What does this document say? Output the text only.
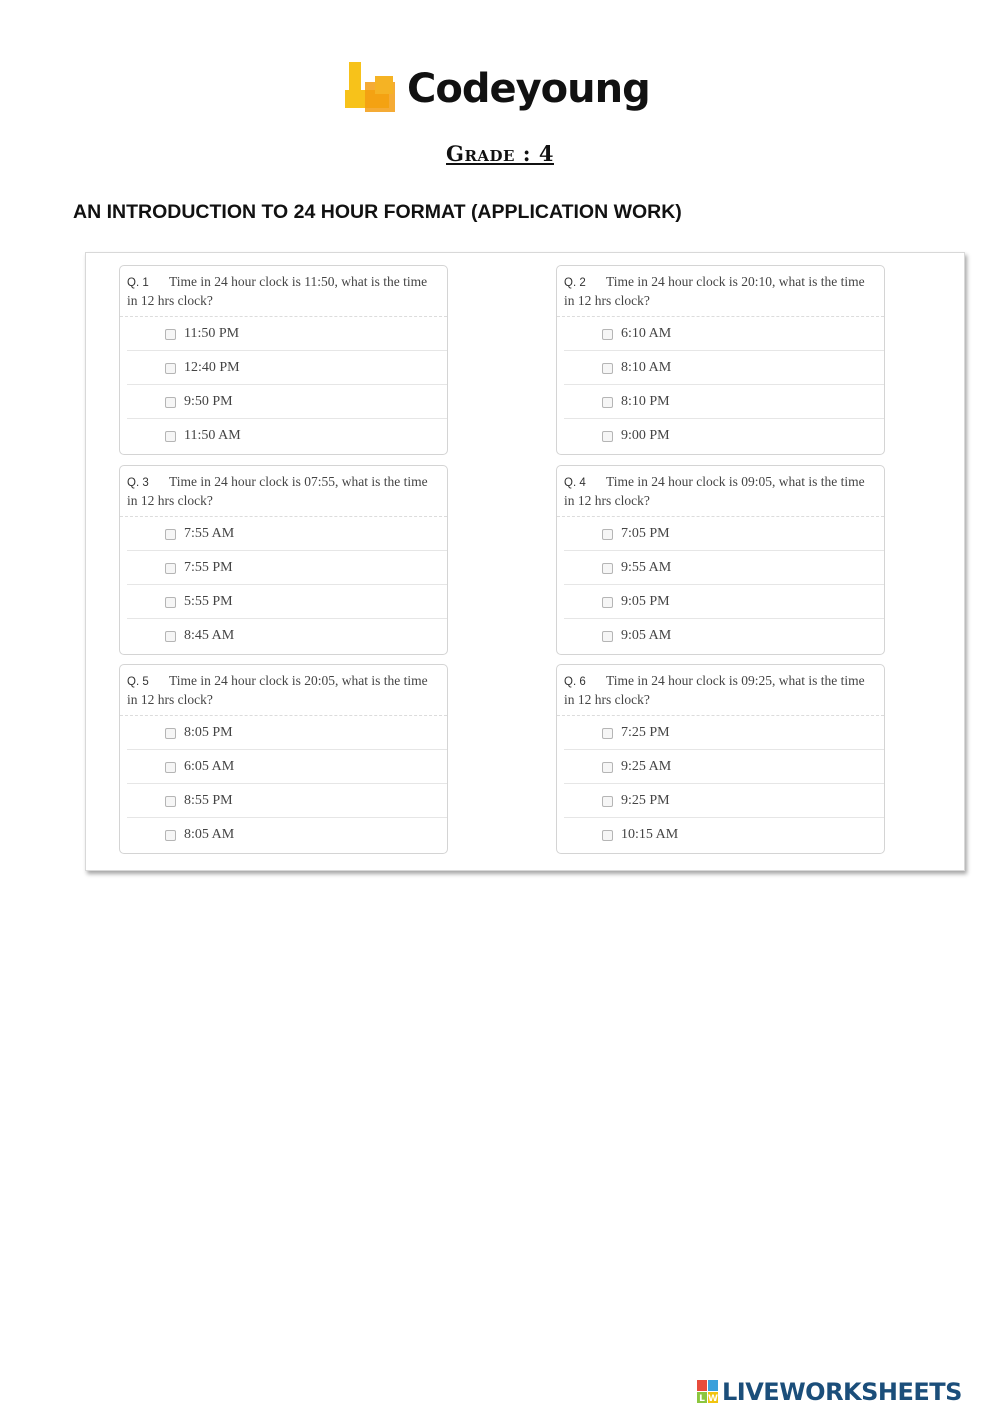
Codeyoung
Grade : 4
AN INTRODUCTION TO 24 HOUR FORMAT (APPLICATION WORK)
Q. 1 Time in 24 hour clock is 11:50, what is the time in 12 hrs clock?
11:50 PM
12:40 PM
9:50 PM
11:50 AM
Q. 2 Time in 24 hour clock is 20:10, what is the time in 12 hrs clock?
6:10 AM
8:10 AM
8:10 PM
9:00 PM
Q. 3 Time in 24 hour clock is 07:55, what is the time in 12 hrs clock?
7:55 AM
7:55 PM
5:55 PM
8:45 AM
Q. 4 Time in 24 hour clock is 09:05, what is the time in 12 hrs clock?
7:05 PM
9:55 AM
9:05 PM
9:05 AM
Q. 5 Time in 24 hour clock is 20:05, what is the time in 12 hrs clock?
8:05 PM
6:05 AM
8:55 PM
8:05 AM
Q. 6 Time in 24 hour clock is 09:25, what is the time in 12 hrs clock?
7:25 PM
9:25 AM
9:25 PM
10:15 AM
L W LIVEWORKSHEETS
